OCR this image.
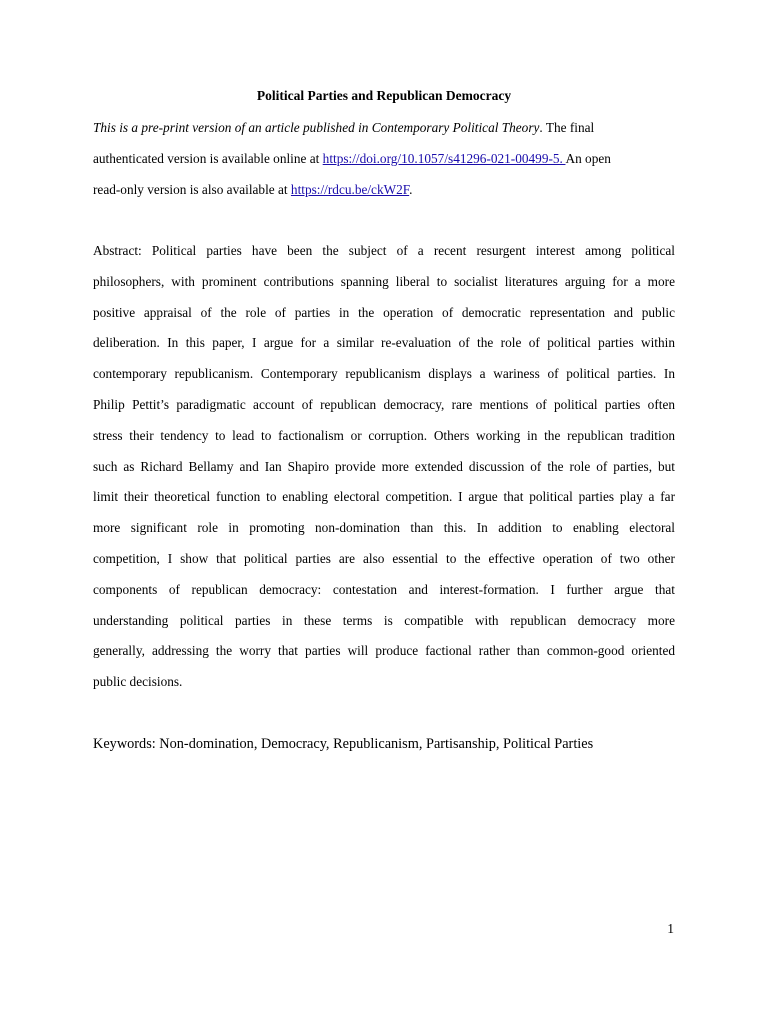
Political Parties and Republican Democracy
This is a pre-print version of an article published in Contemporary Political Theory. The final
authenticated version is available online at https://doi.org/10.1057/s41296-021-00499-5. An open
read-only version is also available at https://rdcu.be/ckW2F.
Abstract: Political parties have been the subject of a recent resurgent interest among political
philosophers, with prominent contributions spanning liberal to socialist literatures arguing for a more
positive appraisal of the role of parties in the operation of democratic representation and public
deliberation. In this paper, I argue for a similar re-evaluation of the role of political parties within
contemporary republicanism. Contemporary republicanism displays a wariness of political parties. In
Philip Pettit’s paradigmatic account of republican democracy, rare mentions of political parties often
stress their tendency to lead to factionalism or corruption. Others working in the republican tradition
such as Richard Bellamy and Ian Shapiro provide more extended discussion of the role of parties, but
limit their theoretical function to enabling electoral competition. I argue that political parties play a far
more significant role in promoting non-domination than this. In addition to enabling electoral
competition, I show that political parties are also essential to the effective operation of two other
components of republican democracy: contestation and interest-formation. I further argue that
understanding political parties in these terms is compatible with republican democracy more
generally, addressing the worry that parties will produce factional rather than common-good oriented
public decisions.
Keywords: Non-domination, Democracy, Republicanism, Partisanship, Political Parties
1
